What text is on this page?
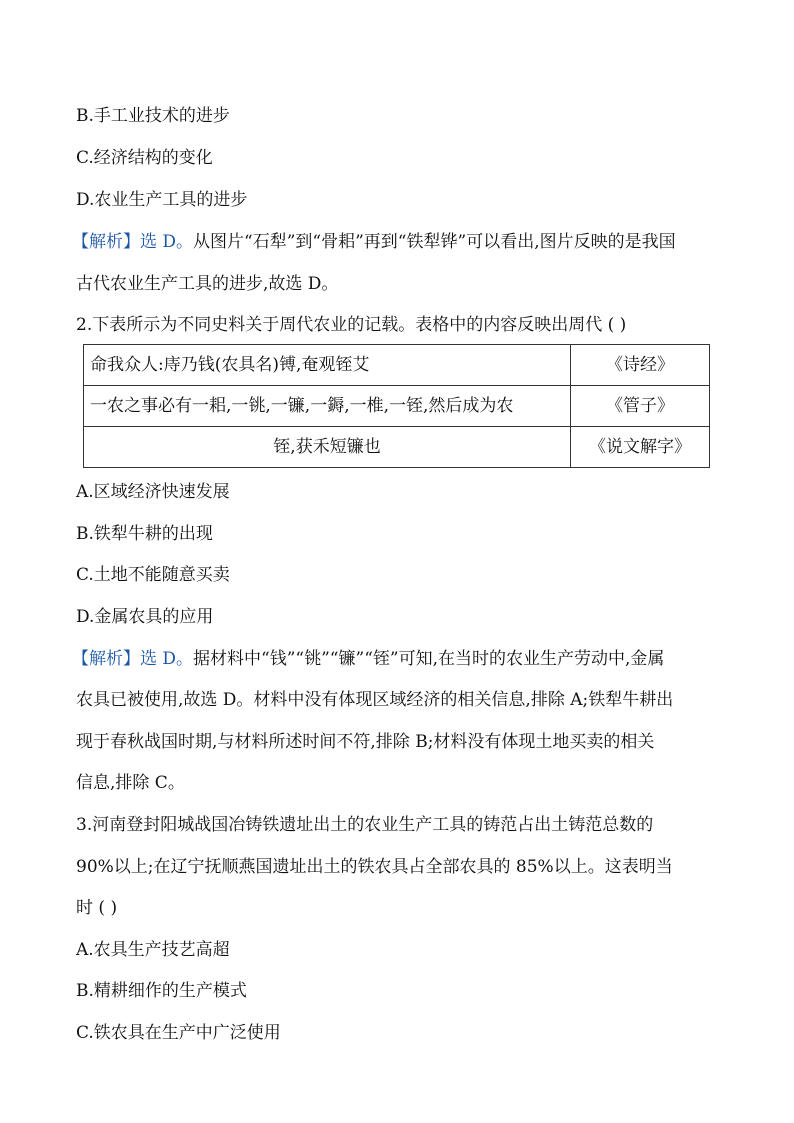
B.手工业技术的进步
C.经济结构的变化
D.农业生产工具的进步
【解析】选 D。从图片“石犁”到“骨耜”再到“铁犁铧”可以看出,图片反映的是我国
古代农业生产工具的进步,故选 D。
2.下表所示为不同史料关于周代农业的记载。表格中的内容反映出周代 ( )
命我众人:庤乃钱(农具名)镈,奄观铚艾	《诗经》
一农之事必有一耜,一铫,一镰,一鎒,一椎,一铚,然后成为农	《管子》
铚,获禾短镰也	《说文解字》
A.区域经济快速发展
B.铁犁牛耕的出现
C.土地不能随意买卖
D.金属农具的应用
【解析】选 D。据材料中“钱”“铫”“镰”“铚”可知,在当时的农业生产劳动中,金属
农具已被使用,故选 D。材料中没有体现区域经济的相关信息,排除 A;铁犁牛耕出
现于春秋战国时期,与材料所述时间不符,排除 B;材料没有体现土地买卖的相关
信息,排除 C。
3.河南登封阳城战国冶铸铁遗址出土的农业生产工具的铸范占出土铸范总数的
90%以上;在辽宁抚顺燕国遗址出土的铁农具占全部农具的 85%以上。这表明当
时 ( )
A.农具生产技艺高超
B.精耕细作的生产模式
C.铁农具在生产中广泛使用
